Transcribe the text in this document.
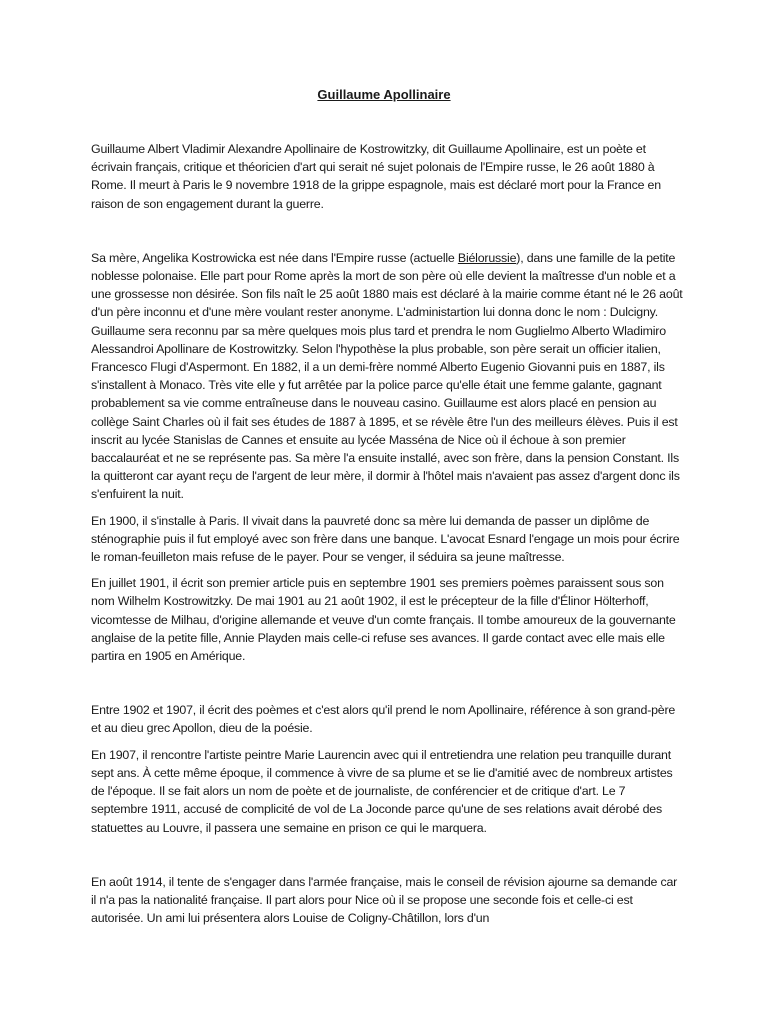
Guillaume Apollinaire

Guillaume Albert Vladimir Alexandre Apollinaire de Kostrowitzky, dit Guillaume Apollinaire, est un poète et écrivain français, critique et théoricien d'art qui serait né sujet polonais de l'Empire russe, le 26 août 1880 à Rome. Il meurt à Paris le 9 novembre 1918 de la grippe espagnole, mais est déclaré mort pour la France en raison de son engagement durant la guerre.

Sa mère, Angelika Kostrowicka est née dans l'Empire russe (actuelle Biélorussie), dans une famille de la petite noblesse polonaise. Elle part pour Rome après la mort de son père où elle devient la maîtresse d'un noble et a une grossesse non désirée. Son fils naît le 25 août 1880 mais est déclaré à la mairie comme étant né le 26 août d'un père inconnu et d'une mère voulant rester anonyme. L'administartion lui donna donc le nom : Dulcigny. Guillaume sera reconnu par sa mère quelques mois plus tard et prendra le nom Guglielmo Alberto Wladimiro Alessandroi Apollinare de Kostrowitzky. Selon l'hypothèse la plus probable, son père serait un officier italien, Francesco Flugi d'Aspermont. En 1882, il a un demi-frère nommé Alberto Eugenio Giovanni puis en 1887, ils s'installent à Monaco. Très vite elle y fut arrêtée par la police parce qu'elle était une femme galante, gagnant probablement sa vie comme entraîneuse dans le nouveau casino. Guillaume est alors placé en pension au collège Saint Charles où il fait ses études de 1887 à 1895, et se révèle être l'un des meilleurs élèves. Puis il est inscrit au lycée Stanislas de Cannes et ensuite au lycée Masséna de Nice où il échoue à son premier baccalauréat et ne se représente pas. Sa mère l'a ensuite installé, avec son frère, dans la pension Constant. Ils la quitteront car ayant reçu de l'argent de leur mère, il dormir à l'hôtel mais n'avaient pas assez d'argent donc ils s'enfuirent la nuit.

En 1900, il s'installe à Paris. Il vivait dans la pauvreté donc sa mère lui demanda de passer un diplôme de sténographie puis il fut employé avec son frère dans une banque. L'avocat Esnard l'engage un mois pour écrire le roman-feuilleton mais refuse de le payer. Pour se venger, il séduira sa jeune maîtresse.

En juillet 1901, il écrit son premier article puis en septembre 1901 ses premiers poèmes paraissent sous son nom Wilhelm Kostrowitzky. De mai 1901 au 21 août 1902, il est le précepteur de la fille d'Élinor Hölterhoff, vicomtesse de Milhau, d'origine allemande et veuve d'un comte français. Il tombe amoureux de la gouvernante anglaise de la petite fille, Annie Playden mais celle-ci refuse ses avances. Il garde contact avec elle mais elle partira en 1905 en Amérique.

Entre 1902 et 1907, il écrit des poèmes et c'est alors qu'il prend le nom Apollinaire, référence à son grand-père et au dieu grec Apollon, dieu de la poésie.

En 1907, il rencontre l'artiste peintre Marie Laurencin avec qui il entretiendra une relation peu tranquille durant sept ans. À cette même époque, il commence à vivre de sa plume et se lie d'amitié avec de nombreux artistes de l'époque. Il se fait alors un nom de poète et de journaliste, de conférencier et de critique d'art. Le 7 septembre 1911, accusé de complicité de vol de La Joconde parce qu'une de ses relations avait dérobé des statuettes au Louvre, il passera une semaine en prison ce qui le marquera.

En août 1914, il tente de s'engager dans l'armée française, mais le conseil de révision ajourne sa demande car il n'a pas la nationalité française. Il part alors pour Nice où il se propose une seconde fois et celle-ci est autorisée. Un ami lui présentera alors Louise de Coligny-Châtillon, lors d'un
